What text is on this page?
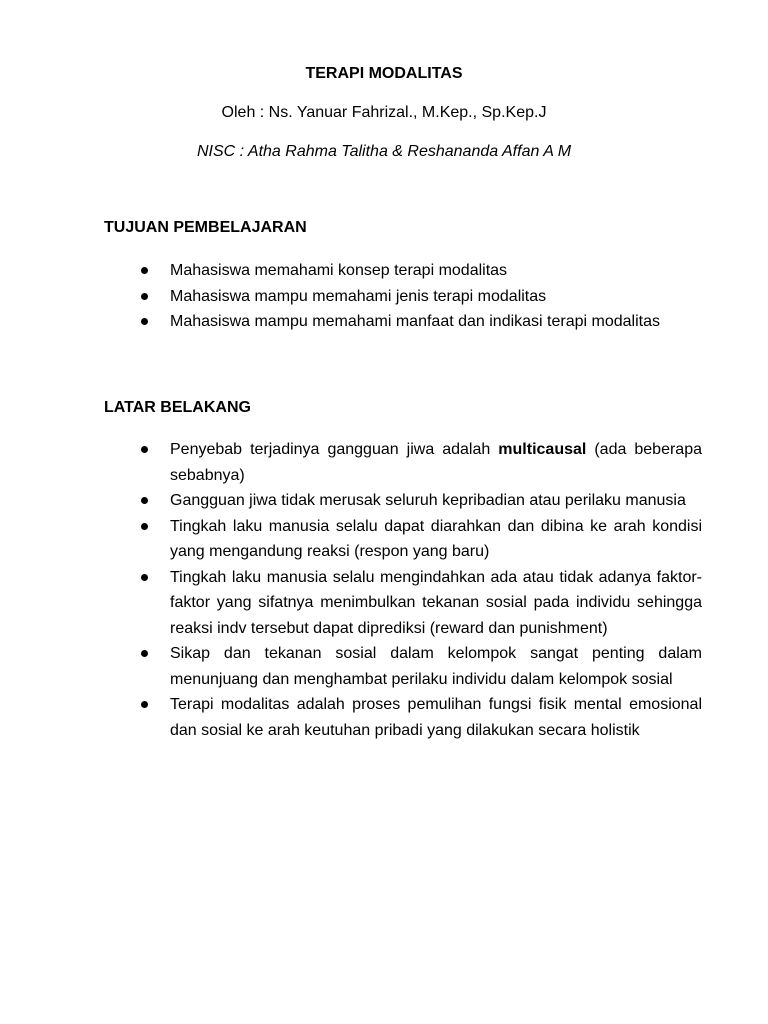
TERAPI MODALITAS
Oleh : Ns. Yanuar Fahrizal., M.Kep., Sp.Kep.J
NISC : Atha Rahma Talitha & Reshananda Affan A M
TUJUAN PEMBELAJARAN
Mahasiswa memahami konsep terapi modalitas
Mahasiswa mampu memahami jenis terapi modalitas
Mahasiswa mampu memahami manfaat dan indikasi terapi modalitas
LATAR BELAKANG
Penyebab terjadinya gangguan jiwa adalah multicausal (ada beberapa sebabnya)
Gangguan jiwa tidak merusak seluruh kepribadian atau perilaku manusia
Tingkah laku manusia selalu dapat diarahkan dan dibina ke arah kondisi yang mengandung reaksi (respon yang baru)
Tingkah laku manusia selalu mengindahkan ada atau tidak adanya faktor-faktor yang sifatnya menimbulkan tekanan sosial pada individu sehingga reaksi indv tersebut dapat diprediksi (reward dan punishment)
Sikap dan tekanan sosial dalam kelompok sangat penting dalam menunjuang dan menghambat perilaku individu dalam kelompok sosial
Terapi modalitas adalah proses pemulihan fungsi fisik mental emosional dan sosial ke arah keutuhan pribadi yang dilakukan secara holistik
